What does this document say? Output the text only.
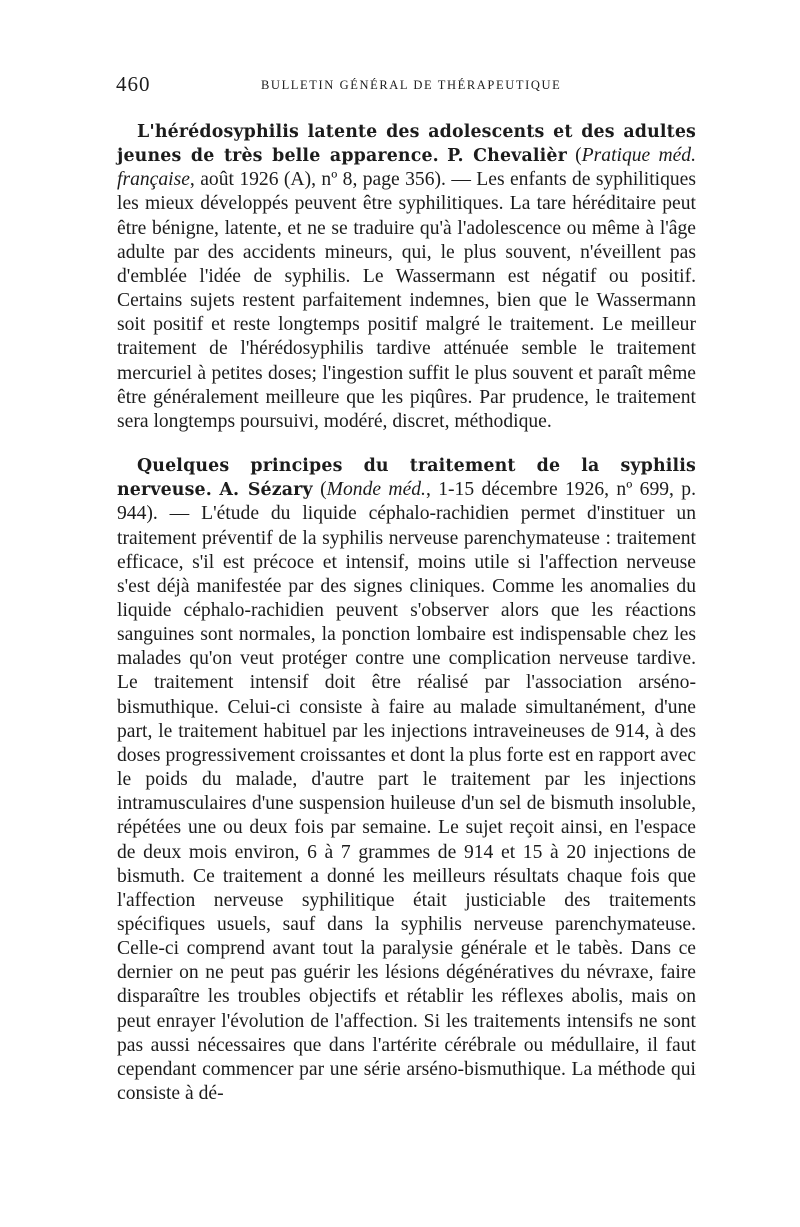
460	BULLETIN GÉNÉRAL DE THÉRAPEUTIQUE

L'hérédosyphilis latente des adolescents et des adultes jeunes de très belle apparence. P. Chevalièr (Pratique méd. française, août 1926 (A), nº 8, page 356). — Les enfants de syphilitiques les mieux développés peuvent être syphilitiques. La tare héréditaire peut être bénigne, latente, et ne se traduire qu'à l'adolescence ou même à l'âge adulte par des accidents mineurs, qui, le plus souvent, n'éveillent pas d'emblée l'idée de syphilis. Le Wassermann est négatif ou positif. Certains sujets restent parfaitement indemnes, bien que le Wassermann soit positif et reste longtemps positif malgré le traitement. Le meilleur traitement de l'hérédosyphilis tardive atténuée semble le traitement mercuriel à petites doses; l'ingestion suffit le plus souvent et paraît même être généralement meilleure que les piqûres. Par prudence, le traitement sera longtemps poursuivi, modéré, discret, méthodique.

Quelques principes du traitement de la syphilis nerveuse. A. Sézary (Monde méd., 1-15 décembre 1926, nº 699, p. 944). — L'étude du liquide céphalo-rachidien permet d'instituer un traitement préventif de la syphilis nerveuse parenchymateuse : traitement efficace, s'il est précoce et intensif, moins utile si l'affection nerveuse s'est déjà manifestée par des signes cliniques. Comme les anomalies du liquide céphalo-rachidien peuvent s'observer alors que les réactions sanguines sont normales, la ponction lombaire est indispensable chez les malades qu'on veut protéger contre une complication nerveuse tardive. Le traitement intensif doit être réalisé par l'association arséno-bismuthique. Celui-ci consiste à faire au malade simultanément, d'une part, le traitement habituel par les injections intraveineuses de 914, à des doses progressivement croissantes et dont la plus forte est en rapport avec le poids du malade, d'autre part le traitement par les injections intramusculaires d'une suspension huileuse d'un sel de bismuth insoluble, répétées une ou deux fois par semaine. Le sujet reçoit ainsi, en l'espace de deux mois environ, 6 à 7 grammes de 914 et 15 à 20 injections de bismuth. Ce traitement a donné les meilleurs résultats chaque fois que l'affection nerveuse syphilitique était justiciable des traitements spécifiques usuels, sauf dans la syphilis nerveuse parenchymateuse. Celle-ci comprend avant tout la paralysie générale et le tabès. Dans ce dernier on ne peut pas guérir les lésions dégénératives du névraxe, faire disparaître les troubles objectifs et rétablir les réflexes abolis, mais on peut enrayer l'évolution de l'affection. Si les traitements intensifs ne sont pas aussi nécessaires que dans l'artérite cérébrale ou médullaire, il faut cependant commencer par une série arséno-bismuthique. La méthode qui consiste à dé-
